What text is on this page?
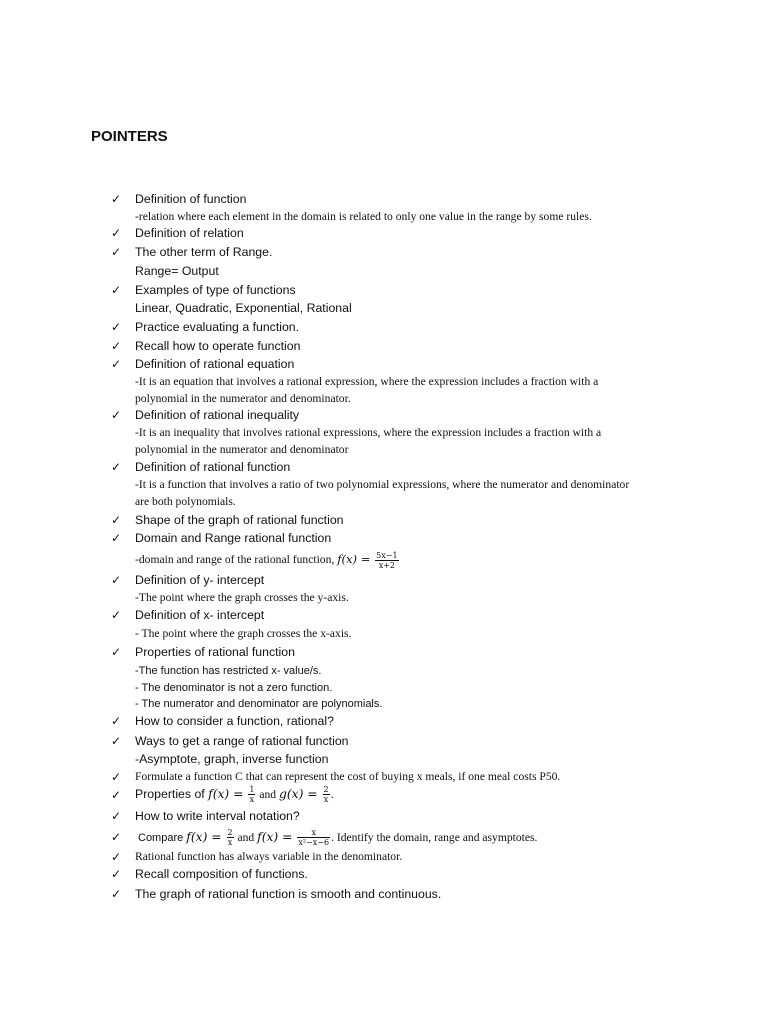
POINTERS
✓
✓
✓
✓
✓
✓
✓
✓
✓
✓
✓
✓
✓
✓
✓
✓
✓
✓
✓
✓
✓
✓
✓
Definition of function
-relation where each element in the domain is related to only one value in the range by some rules.
Definition of relation
The other term of Range.
Range= Output
Examples of type of functions
Linear, Quadratic, Exponential, Rational
Practice evaluating a function.
Recall how to operate function
Definition of rational equation
-It is an equation that involves a rational expression, where the expression includes a fraction with a
polynomial in the numerator and denominator.
Definition of rational inequality
-It is an inequality that involves rational expressions, where the expression includes a fraction with a
polynomial in the numerator and denominator
Definition of rational function
-It is a function that involves a ratio of two polynomial expressions, where the numerator and denominator
are both polynomials.
Shape of the graph of rational function
Domain and Range rational function
-domain and range of the rational function, $f(x) = \frac{5x-1}{x+2}$
Definition of y- intercept
-The point where the graph crosses the y-axis.
Definition of x- intercept
- The point where the graph crosses the x-axis.
Properties of rational function
-The function has restricted x- value/s.
- The denominator is not a zero function.
- The numerator and denominator are polynomials.
How to consider a function, rational?
Ways to get a range of rational function
-Asymptote, graph, inverse function
Formulate a function C that can represent the cost of buying x meals, if one meal costs P50.
Properties of $f(x) = \frac{1}{x}$ and $g(x) = \frac{2}{x}$ .
How to write interval notation?
Compare $f(x) = \frac{2}{x}$ and $f(x) = \frac{x}{\text{x²−x−6}}$ . Identify the domain, range and asymptotes.
Rational function has always variable in the denominator.
Recall composition of functions.
The graph of rational function is smooth and continuous.
